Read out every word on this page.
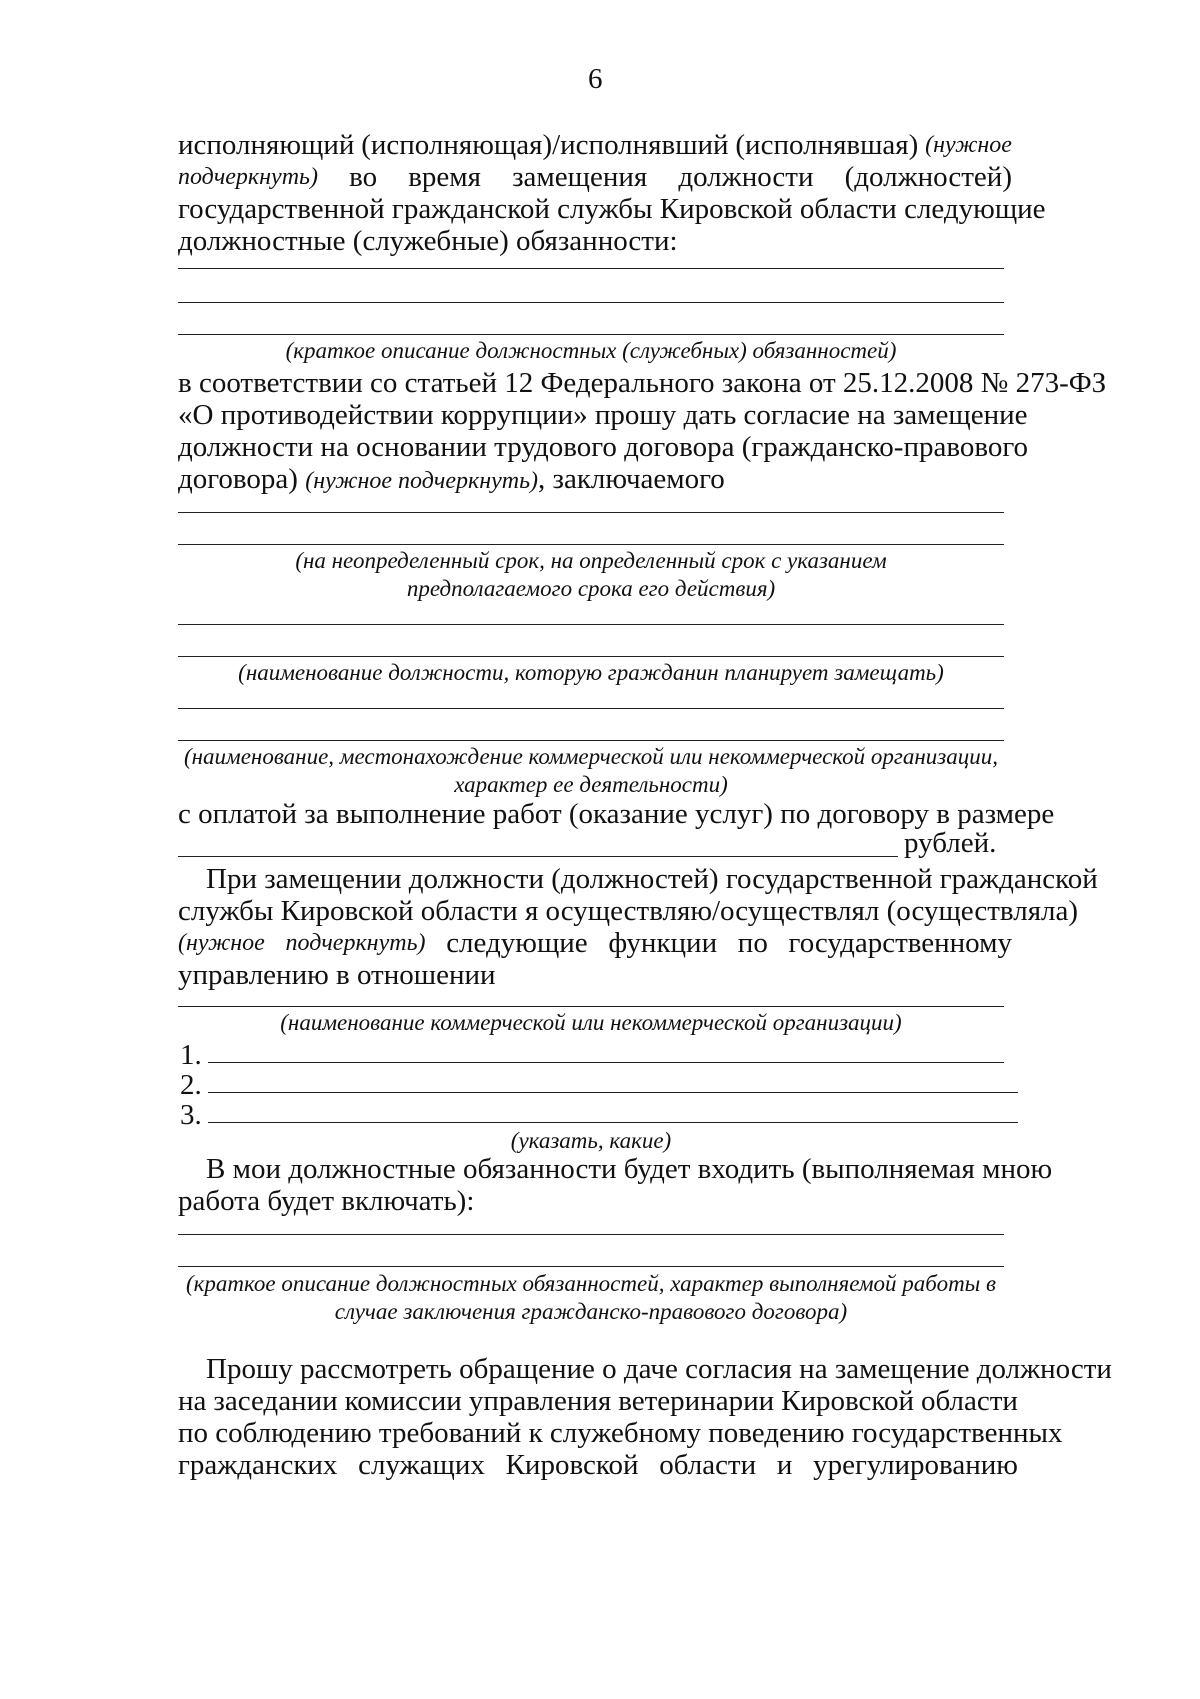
6
исполняющий (исполняющая)/исполнявший (исполнявшая) (нужное
подчеркнуть) во время замещения должности (должностей)
государственной гражданской службы Кировской области следующие
должностные (служебные) обязанности:
(краткое описание должностных (служебных) обязанностей)
в соответствии со статьей 12 Федерального закона от 25.12.2008 № 273-ФЗ
«О противодействии коррупции» прошу дать согласие на замещение
должности на основании трудового договора (гражданско-правового
договора) (нужное подчеркнуть), заключаемого
(на неопределенный срок, на определенный срок с указанием
предполагаемого срока его действия)
(наименование должности, которую гражданин планирует замещать)
(наименование, местонахождение коммерческой или некоммерческой организации,
характер ее деятельности)
с оплатой за выполнение работ (оказание услуг) по договору в размере
рублей.
При замещении должности (должностей) государственной гражданской
службы Кировской области я осуществляю/осуществлял (осуществляла)
(нужное подчеркнуть) следующие функции по государственному
управлению в отношении
(наименование коммерческой или некоммерческой организации)
1.
2.
3.
(указать, какие)
В мои должностные обязанности будет входить (выполняемая мною
работа будет включать):
(краткое описание должностных обязанностей, характер выполняемой работы в
случае заключения гражданско-правового договора)
Прошу рассмотреть обращение о даче согласия на замещение должности
на заседании комиссии управления ветеринарии Кировской области
по соблюдению требований к служебному поведению государственных
гражданских служащих Кировской области и урегулированию
